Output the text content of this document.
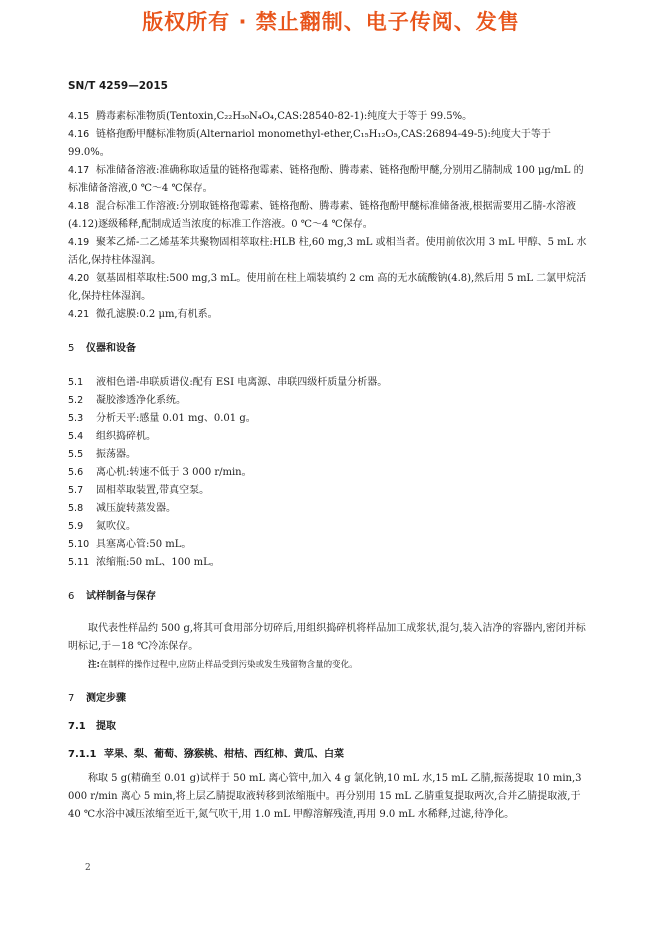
版权所有 · 禁止翻制、电子传阅、发售
SN/T 4259—2015

4.15 腾毒素标准物质(Tentoxin,C₂₂H₃₀N₄O₄,CAS:28540-82-1):纯度大于等于 99.5%。

4.16 链格孢酚甲醚标准物质(Alternariol monomethyl-ether,C₁₅H₁₂O₅,CAS:26894-49-5):纯度大于等于 99.0%。

4.17 标准储备溶液:准确称取适量的链格孢霉素、链格孢酚、腾毒素、链格孢酚甲醚,分别用乙腈制成 100 μg/mL 的标准储备溶液,0 ℃～4 ℃保存。

4.18 混合标准工作溶液:分别取链格孢霉素、链格孢酚、腾毒素、链格孢酚甲醚标准储备液,根据需要用乙腈-水溶液(4.12)逐级稀释,配制成适当浓度的标准工作溶液。0 ℃～4 ℃保存。

4.19 聚苯乙烯-二乙烯基苯共聚物固相萃取柱:HLB 柱,60 mg,3 mL 或相当者。使用前依次用 3 mL 甲醇、5 mL 水活化,保持柱体湿润。

4.20 氨基固相萃取柱:500 mg,3 mL。使用前在柱上端装填约 2 cm 高的无水硫酸钠(4.8),然后用 5 mL 二氯甲烷活化,保持柱体湿润。

4.21 微孔滤膜:0.2 μm,有机系。

5 仪器和设备

5.1 液相色谱-串联质谱仪:配有 ESI 电离源、串联四级杆质量分析器。

5.2 凝胶渗透净化系统。

5.3 分析天平:感量 0.01 mg、0.01 g。

5.4 组织捣碎机。

5.5 振荡器。

5.6 离心机:转速不低于 3 000 r/min。

5.7 固相萃取装置,带真空泵。

5.8 减压旋转蒸发器。

5.9 氮吹仪。

5.10 具塞离心管:50 mL。

5.11 浓缩瓶:50 mL、100 mL。

6 试样制备与保存

取代表性样品约 500 g,将其可食用部分切碎后,用组织捣碎机将样品加工成浆状,混匀,装入洁净的容器内,密闭并标明标记,于－18 ℃冷冻保存。

注:在制样的操作过程中,应防止样品受到污染或发生残留物含量的变化。

7 测定步骤

7.1 提取

7.1.1 苹果、梨、葡萄、猕猴桃、柑桔、西红柿、黄瓜、白菜

称取 5 g(精确至 0.01 g)试样于 50 mL 离心管中,加入 4 g 氯化钠,10 mL 水,15 mL 乙腈,振荡提取 10 min,3 000 r/min 离心 5 min,将上层乙腈提取液转移到浓缩瓶中。再分别用 15 mL 乙腈重复提取两次,合并乙腈提取液,于 40 ℃水浴中减压浓缩至近干,氮气吹干,用 1.0 mL 甲醇溶解残渣,再用 9.0 mL 水稀释,过滤,待净化。

2
